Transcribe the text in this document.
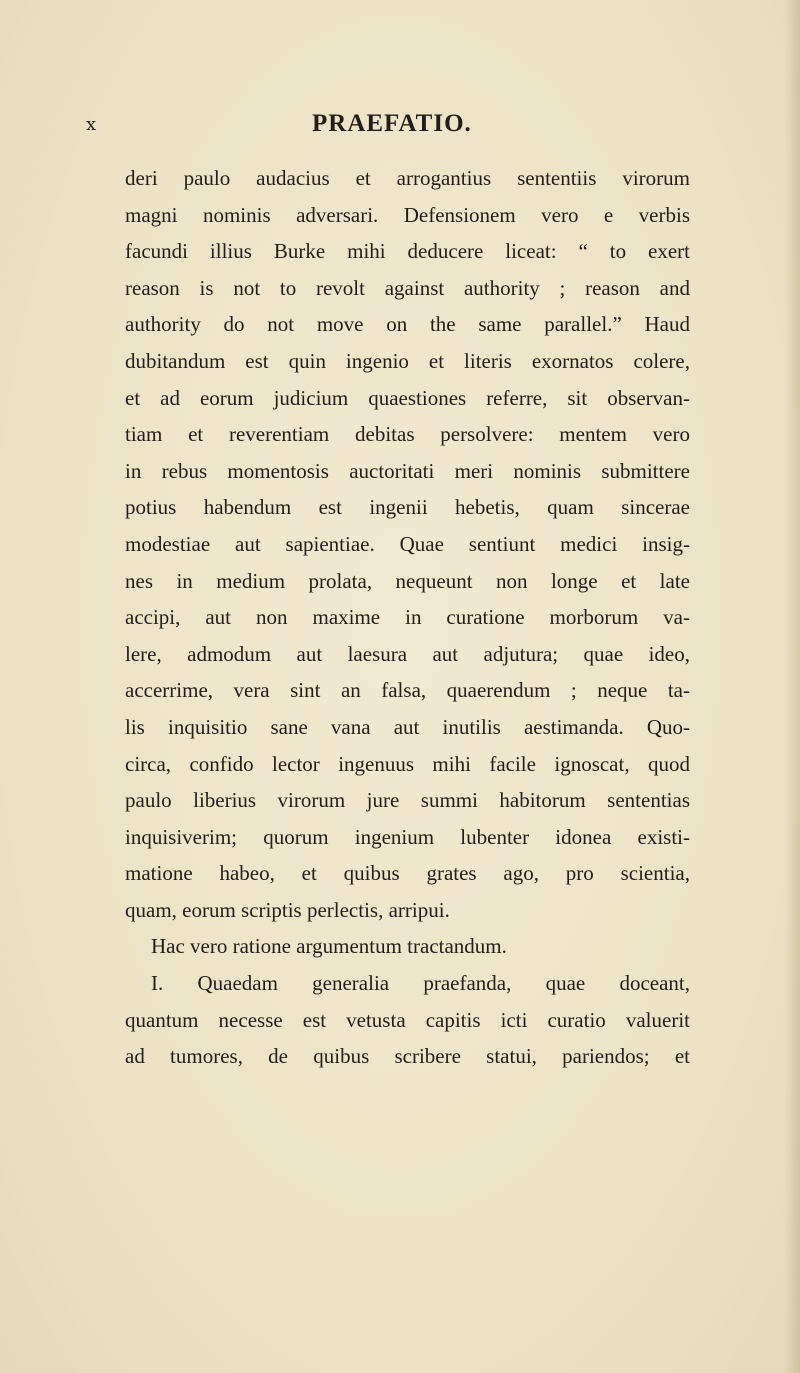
x	PRAEFATIO.
deri paulo audacius et arrogantius sententiis virorum
magni nominis adversari. Defensionem vero e verbis
facundi illius Burke mihi deducere liceat: “ to exert
reason is not to revolt against authority ; reason and
authority do not move on the same parallel.” Haud
dubitandum est quin ingenio et literis exornatos colere,
et ad eorum judicium quaestiones referre, sit observan-
tiam et reverentiam debitas persolvere: mentem vero
in rebus momentosis auctoritati meri nominis submittere
potius habendum est ingenii hebetis, quam sincerae
modestiae aut sapientiae. Quae sentiunt medici insig-
nes in medium prolata, nequeunt non longe et late
accipi, aut non maxime in curatione morborum va-
lere, admodum aut laesura aut adjutura; quae ideo,
accerrime, vera sint an falsa, quaerendum ; neque ta-
lis inquisitio sane vana aut inutilis aestimanda. Quo-
circa, confido lector ingenuus mihi facile ignoscat, quod
paulo liberius virorum jure summi habitorum sententias
inquisiverim; quorum ingenium lubenter idonea existi-
matione habeo, et quibus grates ago, pro scientia,
quam, eorum scriptis perlectis, arripui.
Hac vero ratione argumentum tractandum.
I. Quaedam generalia praefanda, quae doceant,
quantum necesse est vetusta capitis icti curatio valuerit
ad tumores, de quibus scribere statui, pariendos; et
